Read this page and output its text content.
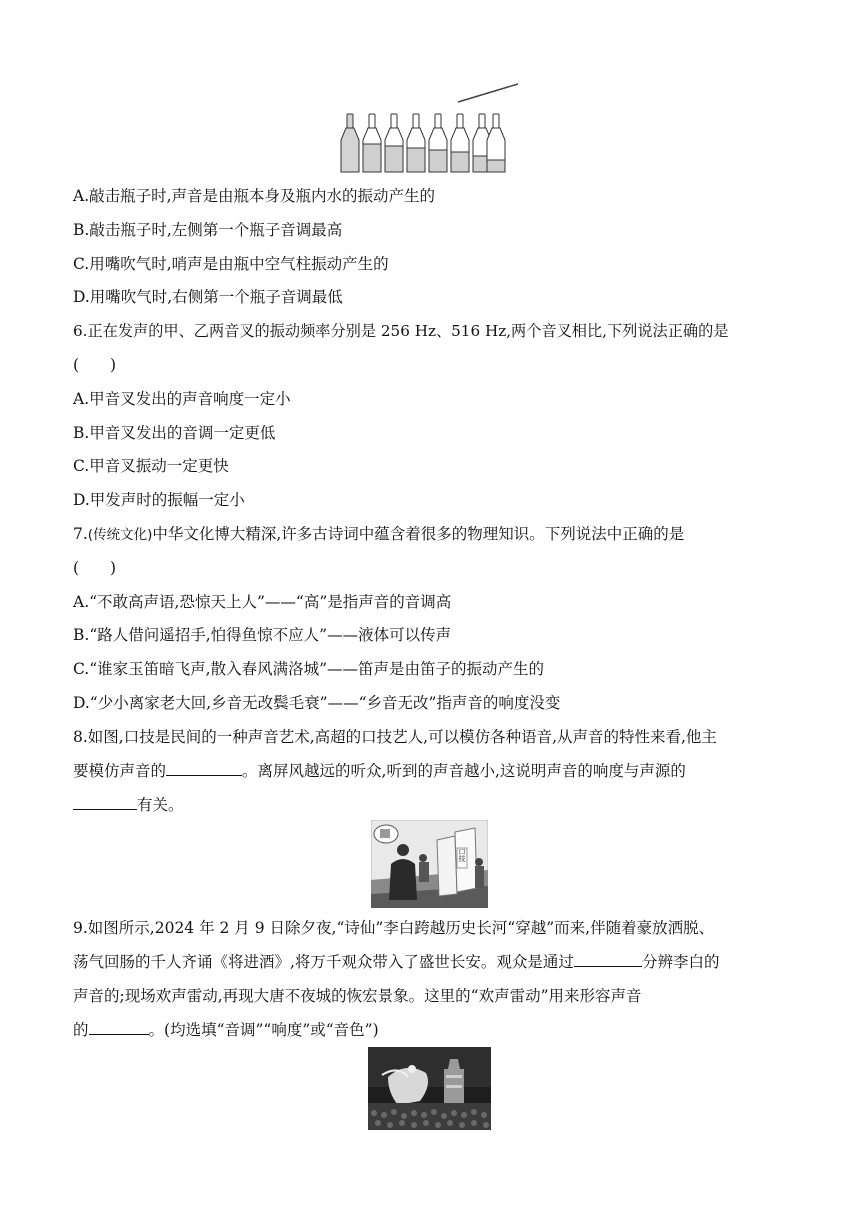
A.敲击瓶子时,声音是由瓶本身及瓶内水的振动产生的
B.敲击瓶子时,左侧第一个瓶子音调最高
C.用嘴吹气时,哨声是由瓶中空气柱振动产生的
D.用嘴吹气时,右侧第一个瓶子音调最低
6.正在发声的甲、乙两音叉的振动频率分别是 256 Hz、516 Hz,两个音叉相比,下列说法正确的是
(　　)
A.甲音叉发出的声音响度一定小
B.甲音叉发出的音调一定更低
C.甲音叉振动一定更快
D.甲发声时的振幅一定小
7.(传统文化)中华文化博大精深,许多古诗词中蕴含着很多的物理知识。下列说法中正确的是
(　　)
A.“不敢高声语,恐惊天上人”——“高”是指声音的音调高
B.“路人借问遥招手,怕得鱼惊不应人”——液体可以传声
C.“谁家玉笛暗飞声,散入春风满洛城”——笛声是由笛子的振动产生的
D.“少小离家老大回,乡音无改鬓毛衰”——“乡音无改”指声音的响度没变
8.如图,口技是民间的一种声音艺术,高超的口技艺人,可以模仿各种语音,从声音的特性来看,他主
要模仿声音的	。离屏风越远的听众,听到的声音越小,这说明声音的响度与声源的
有关。
口技
9.如图所示,2024 年 2 月 9 日除夕夜,“诗仙”李白跨越历史长河“穿越”而来,伴随着豪放洒脱、
荡气回肠的千人齐诵《将进酒》,将万千观众带入了盛世长安。观众是通过	分辨李白的
声音的;现场欢声雷动,再现大唐不夜城的恢宏景象。这里的“欢声雷动”用来形容声音
的	。(均选填“音调”“响度”或“音色”)
